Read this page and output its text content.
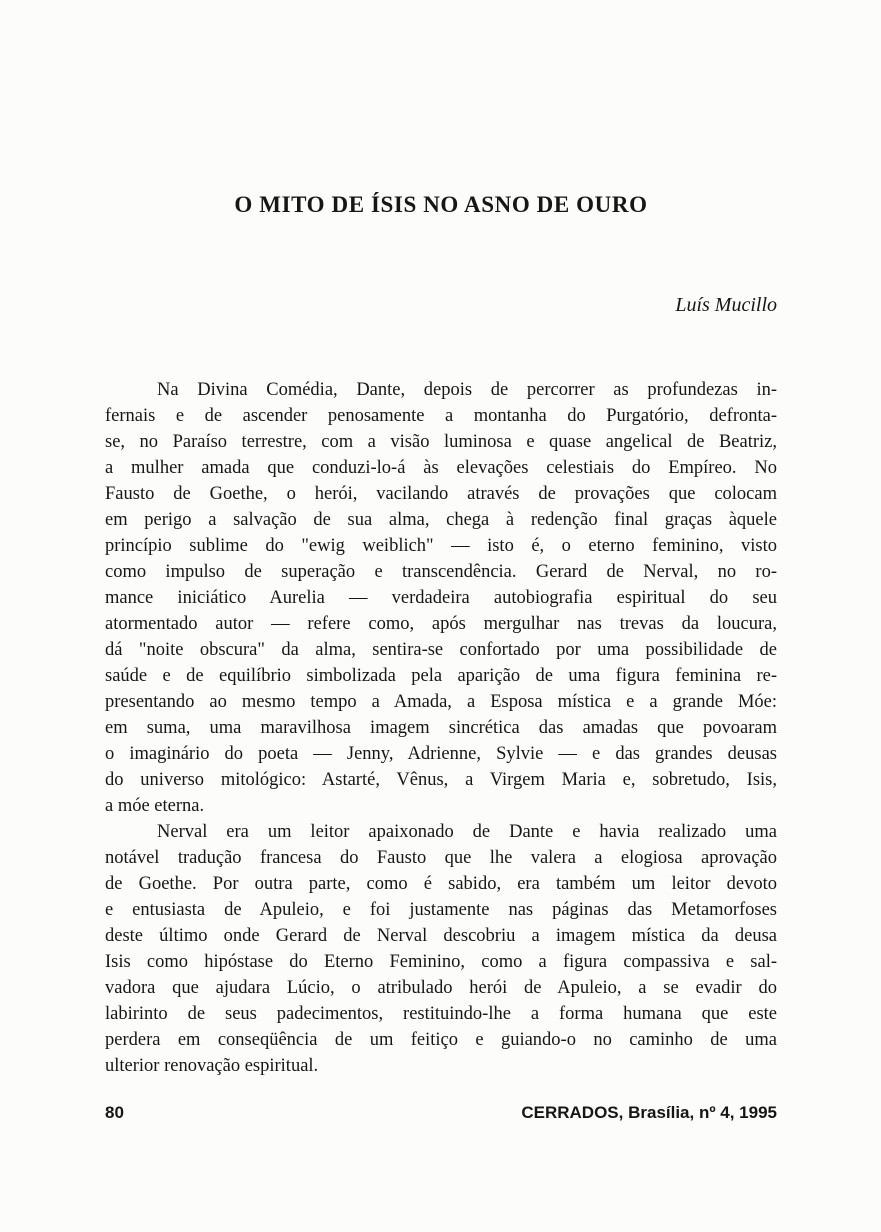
O MITO DE ÍSIS NO ASNO DE OURO
Luís Mucillo
Na Divina Comédia, Dante, depois de percorrer as profundezas in-
fernais e de ascender penosamente a montanha do Purgatório, defronta-
se, no Paraíso terrestre, com a visão luminosa e quase angelical de Beatriz,
a mulher amada que conduzi-lo-á às elevações celestiais do Empíreo. No
Fausto de Goethe, o herói, vacilando através de provações que colocam
em perigo a salvação de sua alma, chega à redenção final graças àquele
princípio sublime do "ewig weiblich" — isto é, o eterno feminino, visto
como impulso de superação e transcendência. Gerard de Nerval, no ro-
mance iniciático Aurelia — verdadeira autobiografia espiritual do seu
atormentado autor — refere como, após mergulhar nas trevas da loucura,
dá "noite obscura" da alma, sentira-se confortado por uma possibilidade de
saúde e de equilíbrio simbolizada pela aparição de uma figura feminina re-
presentando ao mesmo tempo a Amada, a Esposa mística e a grande Móe:
em suma, uma maravilhosa imagem sincrética das amadas que povoaram
o imaginário do poeta — Jenny, Adrienne, Sylvie — e das grandes deusas
do universo mitológico: Astarté, Vênus, a Virgem Maria e, sobretudo, Isis,
a móe eterna.
Nerval era um leitor apaixonado de Dante e havia realizado uma
notável tradução francesa do Fausto que lhe valera a elogiosa aprovação
de Goethe. Por outra parte, como é sabido, era também um leitor devoto
e entusiasta de Apuleio, e foi justamente nas páginas das Metamorfoses
deste último onde Gerard de Nerval descobriu a imagem mística da deusa
Isis como hipóstase do Eterno Feminino, como a figura compassiva e sal-
vadora que ajudara Lúcio, o atribulado herói de Apuleio, a se evadir do
labirinto de seus padecimentos, restituindo-lhe a forma humana que este
perdera em conseqüência de um feitiço e guiando-o no caminho de uma
ulterior renovação espiritual.
80	CERRADOS, Brasília, nº 4, 1995
